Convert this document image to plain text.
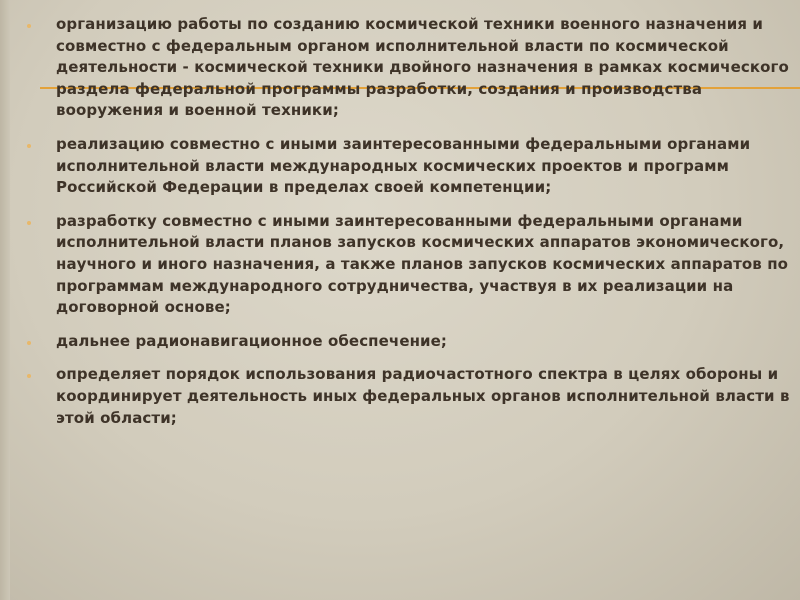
организацию работы по созданию космической техники военного назначения и совместно с федеральным органом исполнительной власти по космической деятельности - космической техники двойного назначения в рамках космического раздела федеральной программы разработки, создания и производства вооружения и военной техники;
реализацию совместно с иными заинтересованными федеральными органами исполнительной власти международных космических проектов и программ Российской Федерации в пределах своей компетенции;
разработку совместно с иными заинтересованными федеральными органами исполнительной власти планов запусков космических аппаратов экономического, научного и иного назначения, а также планов запусков космических аппаратов по программам международного сотрудничества, участвуя в их реализации на договорной основе;
дальнее радионавигационное обеспечение;
определяет порядок использования радиочастотного спектра в целях обороны и координирует деятельность иных федеральных органов исполнительной власти в этой области;
